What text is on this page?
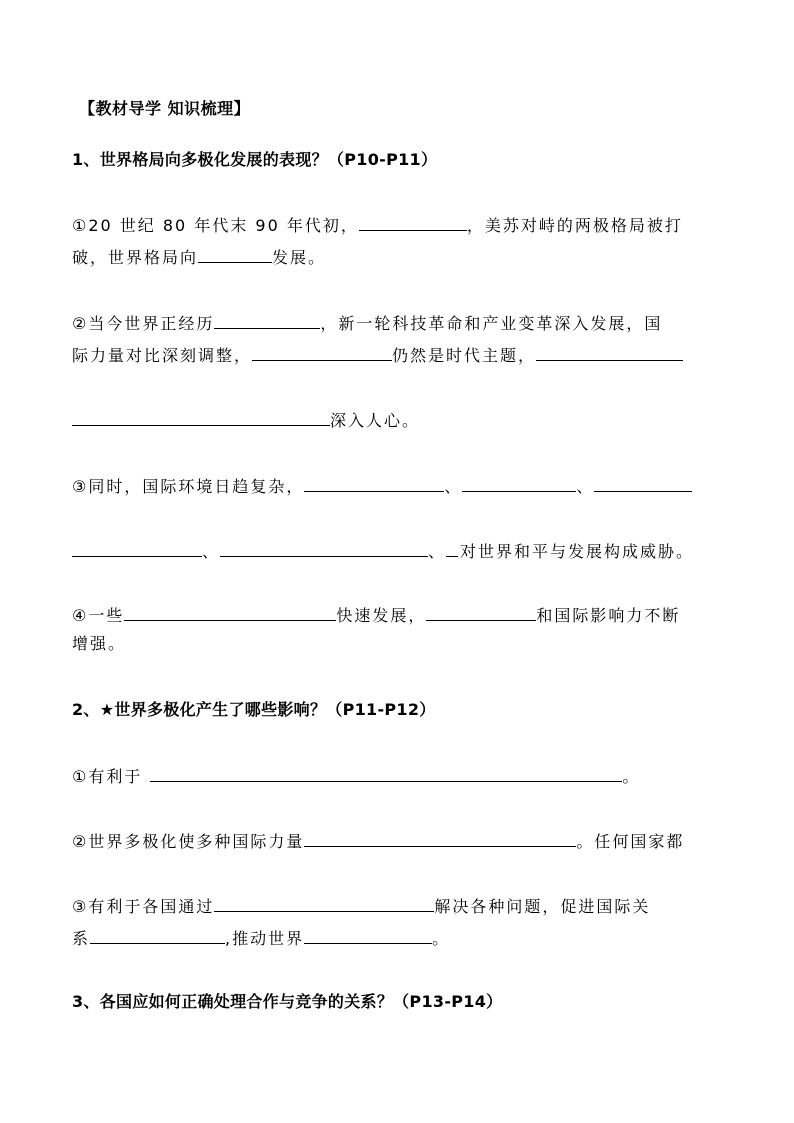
【教材导学 知识梳理】
1、世界格局向多极化发展的表现？（P10-P11）
①20 世纪 80 年代末 90 年代初，	，美苏对峙的两极格局被打
破，世界格局向	发展。
②当今世界正经历	，新一轮科技革命和产业变革深入发展，国
际力量对比深刻调整，	仍然是时代主题，
深入人心。
③同时，国际环境日趋复杂，	、	、
、	、 对世界和平与发展构成威胁。
④一些	快速发展，	和国际影响力不断
增强。
2、★世界多极化产生了哪些影响？（P11-P12）
①有利于	。
②世界多极化使多种国际力量	。任何国家都
③有利于各国通过	解决各种问题，促进国际关
系	,推动世界	。
3、各国应如何正确处理合作与竞争的关系？（P13-P14）
